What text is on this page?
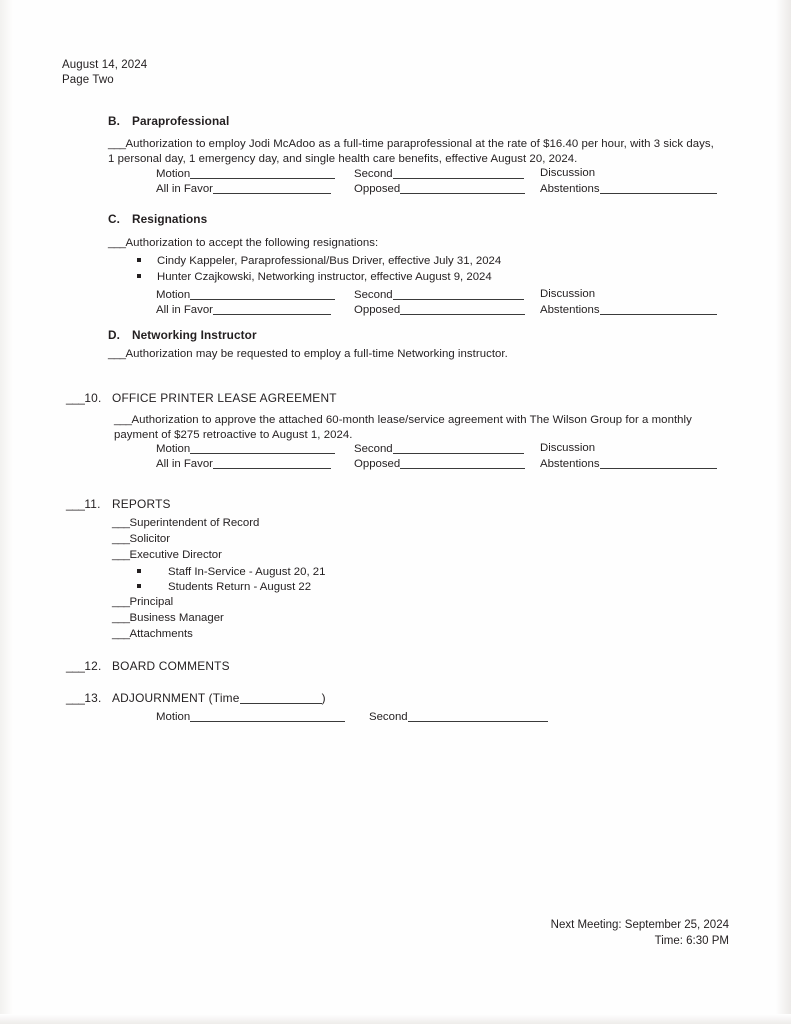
August 14, 2024
Page Two
B. Paraprofessional
___Authorization to employ Jodi McAdoo as a full-time paraprofessional at the rate of $16.40 per hour, with 3 sick days, 1 personal day, 1 emergency day, and single health care benefits, effective August 20, 2024.
Motion	Second	Discussion
All in Favor	Opposed	Abstentions
C. Resignations
___Authorization to accept the following resignations:
Cindy Kappeler, Paraprofessional/Bus Driver, effective July 31, 2024
Hunter Czajkowski, Networking instructor, effective August 9, 2024
Motion	Second	Discussion
All in Favor	Opposed	Abstentions
D. Networking Instructor
___Authorization may be requested to employ a full-time Networking instructor.
___10. OFFICE PRINTER LEASE AGREEMENT
___Authorization to approve the attached 60-month lease/service agreement with The Wilson Group for a monthly payment of $275 retroactive to August 1, 2024.
Motion	Second	Discussion
All in Favor	Opposed	Abstentions
___11. REPORTS
___Superintendent of Record
___Solicitor
___Executive Director
Staff In-Service - August 20, 21
Students Return - August 22
___Principal
___Business Manager
___Attachments
___12. BOARD COMMENTS
___13. ADJOURNMENT (Time	)
Motion	Second
Next Meeting: September 25, 2024
Time: 6:30 PM
